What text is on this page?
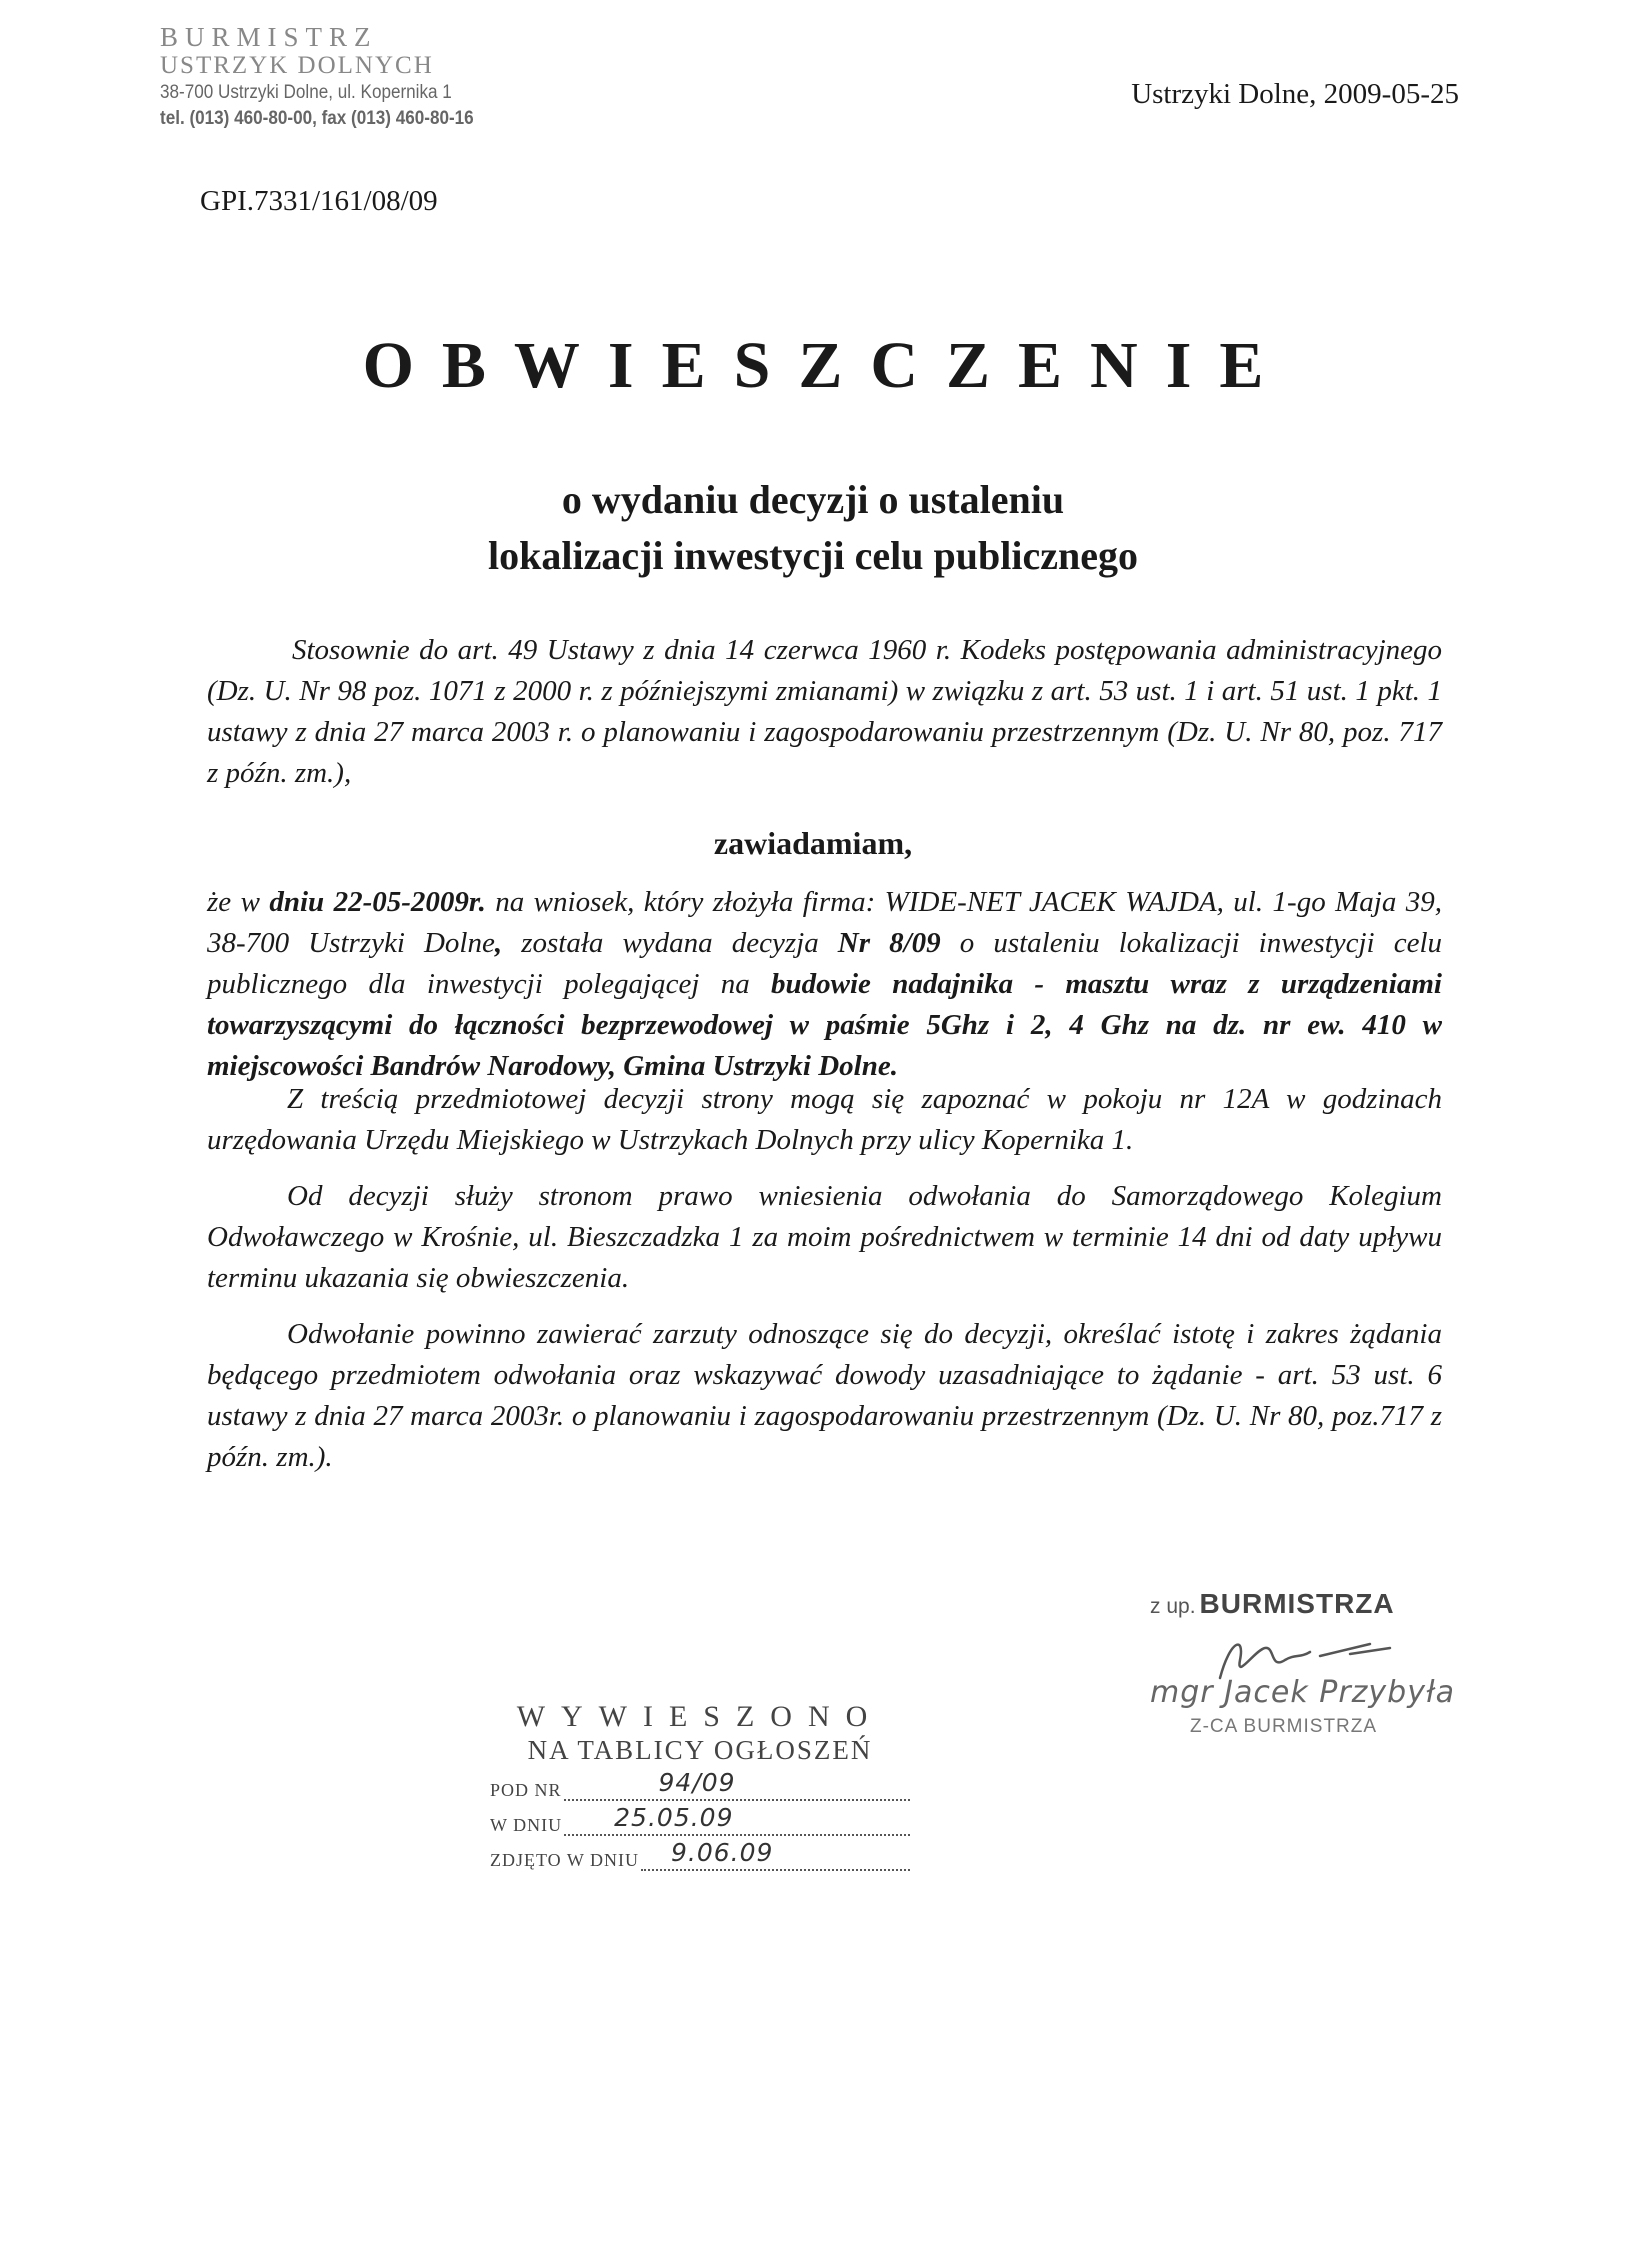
BURMISTRZ
USTRZYK DOLNYCH
38-700 Ustrzyki Dolne, ul. Kopernika 1
tel. (013) 460-80-00, fax (013) 460-80-16
Ustrzyki Dolne, 2009-05-25
GPI.7331/161/08/09
OBWIESZCZENIE
o wydaniu decyzji o ustaleniu
lokalizacji inwestycji celu publicznego
Stosownie do art. 49 Ustawy z dnia 14 czerwca 1960 r. Kodeks postępowania administracyjnego (Dz. U. Nr 98 poz. 1071 z 2000 r. z późniejszymi zmianami) w związku z art. 53 ust. 1 i art. 51 ust. 1 pkt. 1 ustawy z dnia 27 marca 2003 r. o planowaniu i zagospodarowaniu przestrzennym (Dz. U. Nr 80, poz. 717 z późn. zm.),
zawiadamiam,
że w dniu 22-05-2009r. na wniosek, który złożyła firma: WIDE-NET JACEK WAJDA, ul. 1-go Maja 39, 38-700 Ustrzyki Dolne, została wydana decyzja Nr 8/09 o ustaleniu lokalizacji inwestycji celu publicznego dla inwestycji polegającej na budowie nadajnika - masztu wraz z urządzeniami towarzyszącymi do łączności bezprzewodowej w paśmie 5Ghz i 2, 4 Ghz na dz. nr ew. 410 w miejscowości Bandrów Narodowy, Gmina Ustrzyki Dolne.
Z treścią przedmiotowej decyzji strony mogą się zapoznać w pokoju nr 12A w godzinach urzędowania Urzędu Miejskiego w Ustrzykach Dolnych przy ulicy Kopernika 1.
Od decyzji służy stronom prawo wniesienia odwołania do Samorządowego Kolegium Odwoławczego w Krośnie, ul. Bieszczadzka 1 za moim pośrednictwem w terminie 14 dni od daty upływu terminu ukazania się obwieszczenia.
Odwołanie powinno zawierać zarzuty odnoszące się do decyzji, określać istotę i zakres żądania będącego przedmiotem odwołania oraz wskazywać dowody uzasadniające to żądanie - art. 53 ust. 6 ustawy z dnia 27 marca 2003r. o planowaniu i zagospodarowaniu przestrzennym (Dz. U. Nr 80, poz.717 z późn. zm.).
z up. BURMISTRZA
mgr Jacek Przybyła
Z-CA BURMISTRZA
WYWIESZONO
NA TABLICY OGŁOSZEŃ
POD NR	94/09
W DNIU 25.05.09
ZDJĘTO W DNIU 9.06.09
